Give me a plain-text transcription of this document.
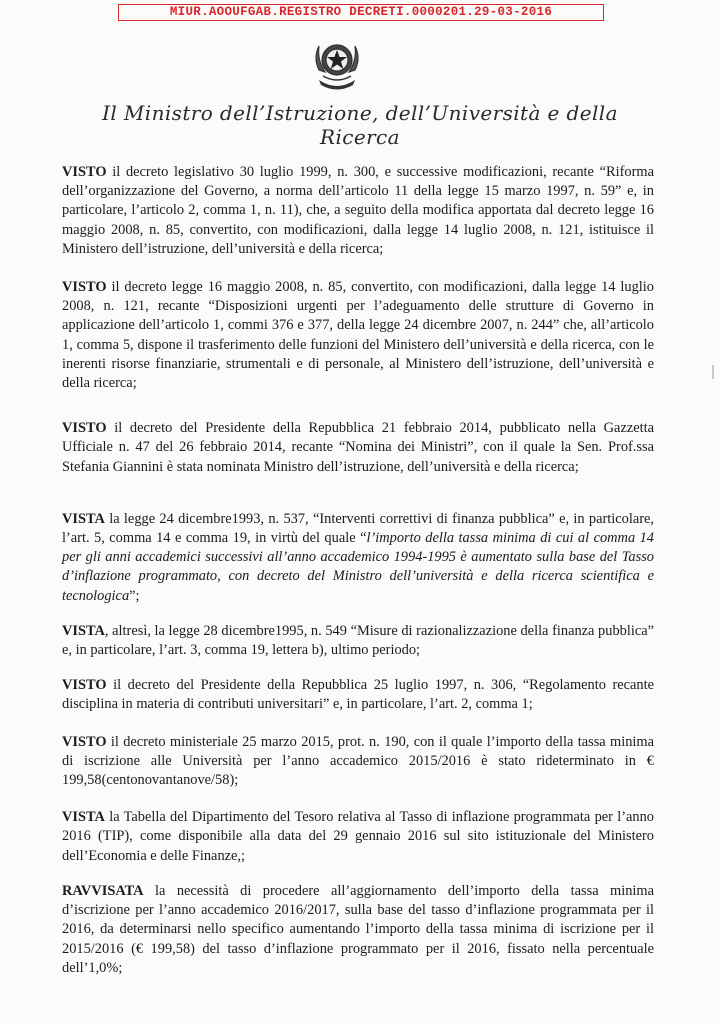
MIUR.AOOUFGAB.REGISTRO DECRETI.0000201.29-03-2016
Il Ministro dell’Istruzione, dell’Università e della Ricerca

VISTO il decreto legislativo 30 luglio 1999, n. 300, e successive modificazioni, recante “Riforma dell’organizzazione del Governo, a norma dell’articolo 11 della legge 15 marzo 1997, n. 59” e, in particolare, l’articolo 2, comma 1, n. 11), che, a seguito della modifica apportata dal decreto legge 16 maggio 2008, n. 85, convertito, con modificazioni, dalla legge 14 luglio 2008, n. 121, istituisce il Ministero dell’istruzione, dell’università e della ricerca;

VISTO il decreto legge 16 maggio 2008, n. 85, convertito, con modificazioni, dalla legge 14 luglio 2008, n. 121, recante “Disposizioni urgenti per l’adeguamento delle strutture di Governo in applicazione dell’articolo 1, commi 376 e 377, della legge 24 dicembre 2007, n. 244” che, all’articolo 1, comma 5, dispone il trasferimento delle funzioni del Ministero dell’università e della ricerca, con le inerenti risorse finanziarie, strumentali e di personale, al Ministero dell’istruzione, dell’università e della ricerca;

VISTO il decreto del Presidente della Repubblica 21 febbraio 2014, pubblicato nella Gazzetta Ufficiale n. 47 del 26 febbraio 2014, recante “Nomina dei Ministri”, con il quale la Sen. Prof.ssa Stefania Giannini è stata nominata Ministro dell’istruzione, dell’università e della ricerca;

VISTA la legge 24 dicembre1993, n. 537, “Interventi correttivi di finanza pubblica” e, in particolare, l’art. 5, comma 14 e comma 19, in virtù del quale “l’importo della tassa minima di cui al comma 14 per gli anni accademici successivi all’anno accademico 1994-1995 è aumentato sulla base del Tasso d’inflazione programmato, con decreto del Ministro dell’università e della ricerca scientifica e tecnologica”;

VISTA, altresì, la legge 28 dicembre1995, n. 549 “Misure di razionalizzazione della finanza pubblica” e, in particolare, l’art. 3, comma 19, lettera b), ultimo periodo;

VISTO il decreto del Presidente della Repubblica 25 luglio 1997, n. 306, “Regolamento recante disciplina in materia di contributi universitari” e, in particolare, l’art. 2, comma 1;

VISTO il decreto ministeriale 25 marzo 2015, prot. n. 190, con il quale l’importo della tassa minima di iscrizione alle Università per l’anno accademico 2015/2016 è stato rideterminato in € 199,58(centonovantanove/58);

VISTA la Tabella del Dipartimento del Tesoro relativa al Tasso di inflazione programmata per l’anno 2016 (TIP), come disponibile alla data del 29 gennaio 2016 sul sito istituzionale del Ministero dell’Economia e delle Finanze,;

RAVVISATA la necessità di procedere all’aggiornamento dell’importo della tassa minima d’iscrizione per l’anno accademico 2016/2017, sulla base del tasso d’inflazione programmata per il 2016, da determinarsi nello specifico aumentando l’importo della tassa minima di iscrizione per il 2015/2016 (€ 199,58) del tasso d’inflazione programmato per il 2016, fissato nella percentuale dell’1,0%;
